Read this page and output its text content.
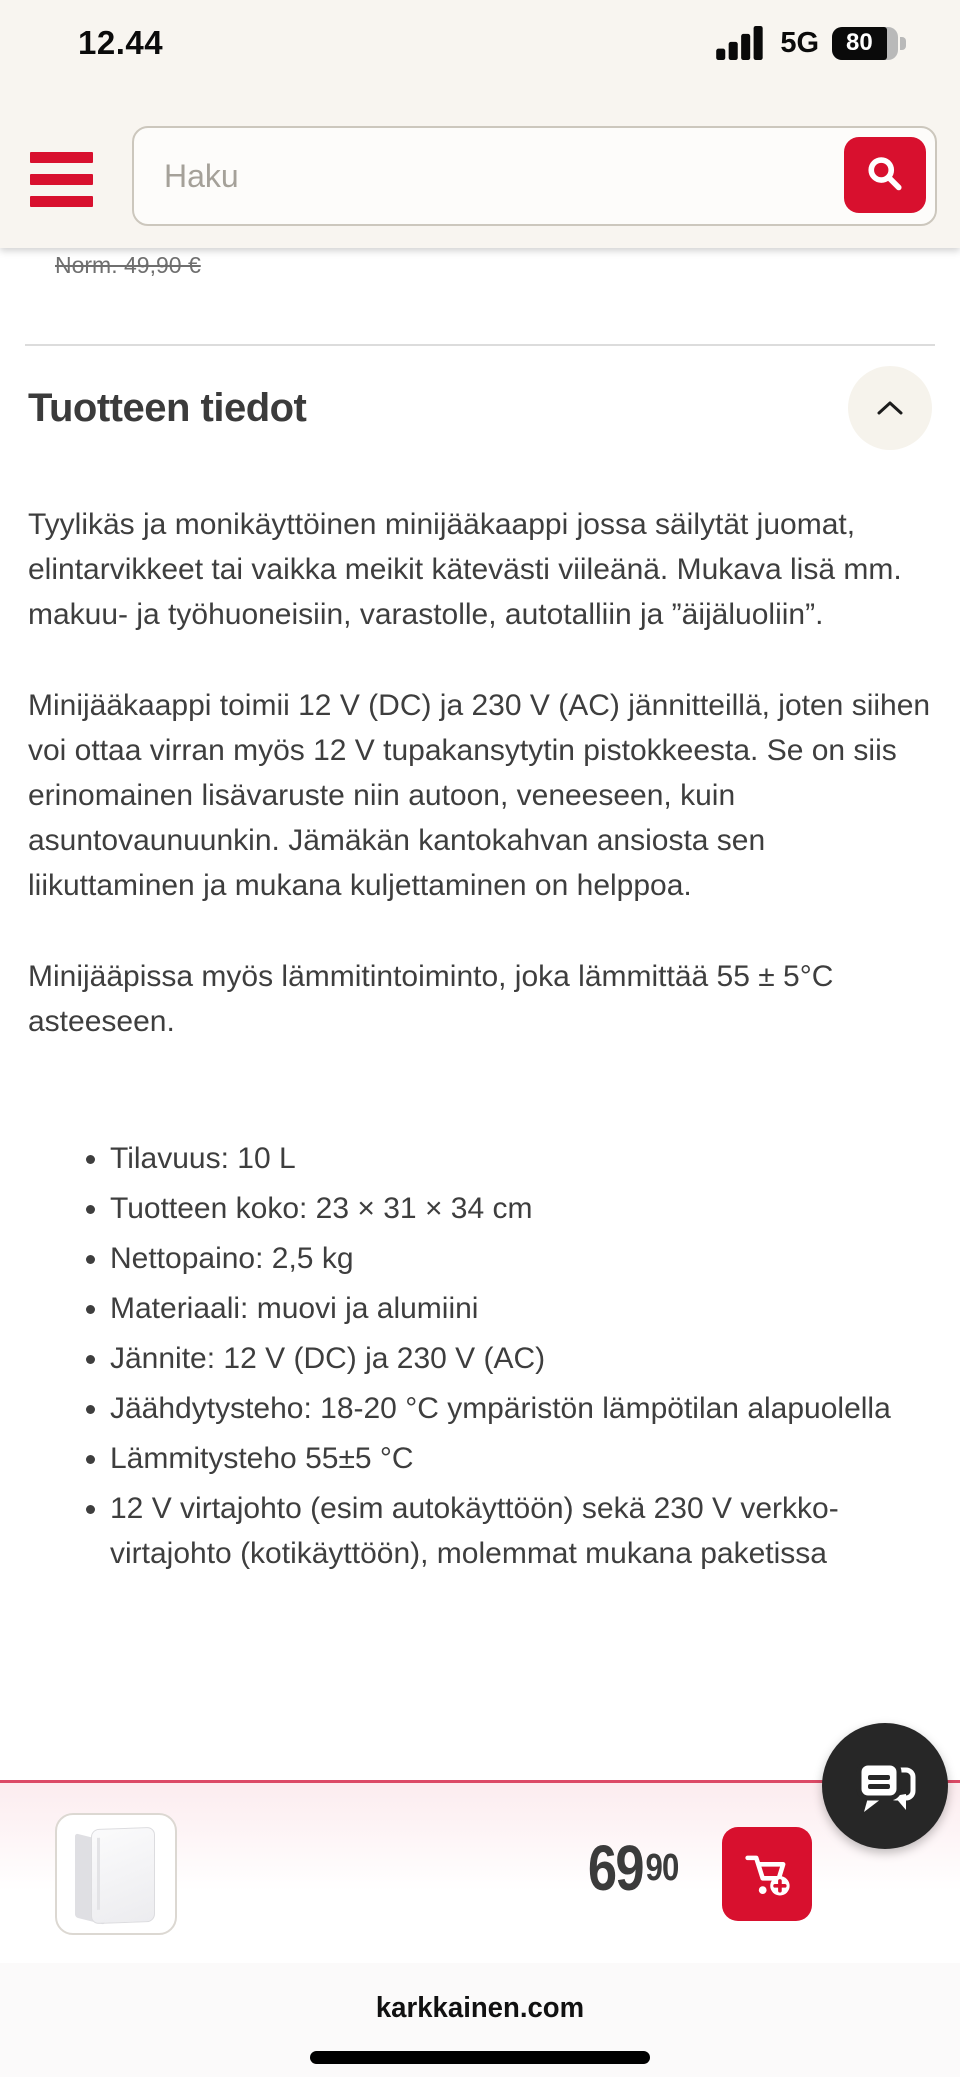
12.44	5G 80
Haku
Norm. 49,90 €
Tuotteen tiedot

Tyylikäs ja monikäyttöinen minijääkaappi jossa säilytät juomat, elintarvikkeet tai vaikka meikit kätevästi viileänä. Mukava lisä mm. makuu- ja työhuoneisiin, varastolle, autotalliin ja ”äijäluoliin”.

Minijääkaappi toimii 12 V (DC) ja 230 V (AC) jännitteillä, joten siihen voi ottaa virran myös 12 V tupakansytytin pistokkeesta. Se on siis erinomainen lisävaruste niin autoon, veneeseen, kuin asuntovaunuunkin. Jämäkän kantokahvan ansiosta sen liikuttaminen ja mukana kuljettaminen on helppoa.

Minijääpissa myös lämmitintoiminto, joka lämmittää 55 ± 5°C asteeseen.

• Tilavuus: 10 L
• Tuotteen koko: 23 × 31 × 34 cm
• Nettopaino: 2,5 kg
• Materiaali: muovi ja alumiini
• Jännite: 12 V (DC) ja 230 V (AC)
• Jäähdytysteho: 18-20 °C ympäristön lämpötilan alapuolella
• Lämmitysteho 55±5 °C
• 12 V virtajohto (esim autokäyttöön) sekä 230 V verkkovirtajohto (kotikäyttöön), molemmat mukana paketissa
6990
karkkainen.com
